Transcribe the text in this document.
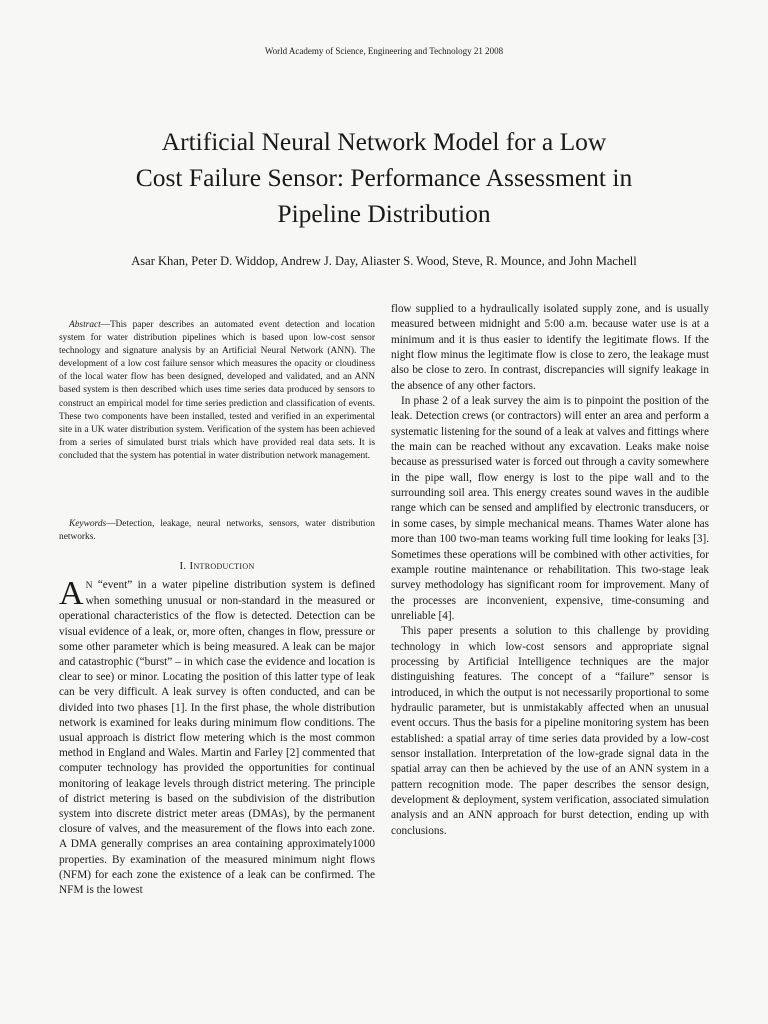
World Academy of Science, Engineering and Technology 21 2008
Artificial Neural Network Model for a Low
Cost Failure Sensor: Performance Assessment in
Pipeline Distribution
Asar Khan, Peter D. Widdop, Andrew J. Day, Aliaster S. Wood, Steve, R. Mounce, and John Machell

Abstract—This paper describes an automated event detection and location system for water distribution pipelines which is based upon low-cost sensor technology and signature analysis by an Artificial Neural Network (ANN). The development of a low cost failure sensor which measures the opacity or cloudiness of the local water flow has been designed, developed and validated, and an ANN based system is then described which uses time series data produced by sensors to construct an empirical model for time series prediction and classification of events. These two components have been installed, tested and verified in an experimental site in a UK water distribution system. Verification of the system has been achieved from a series of simulated burst trials which have provided real data sets. It is concluded that the system has potential in water distribution network management.

Keywords—Detection, leakage, neural networks, sensors, water distribution networks.

I. Introduction

AN “event” in a water pipeline distribution system is defined when something unusual or non-standard in the measured or operational characteristics of the flow is detected. Detection can be visual evidence of a leak, or, more often, changes in flow, pressure or some other parameter which is being measured. A leak can be major and catastrophic (“burst” – in which case the evidence and location is clear to see) or minor. Locating the position of this latter type of leak can be very difficult. A leak survey is often conducted, and can be divided into two phases [1]. In the first phase, the whole distribution network is examined for leaks during minimum flow conditions. The usual approach is district flow metering which is the most common method in England and Wales. Martin and Farley [2] commented that computer technology has provided the opportunities for continual monitoring of leakage levels through district metering. The principle of district metering is based on the subdivision of the distribution system into discrete district meter areas (DMAs), by the permanent closure of valves, and the measurement of the flows into each zone. A DMA generally comprises an area containing approximately1000 properties. By examination of the measured minimum night flows (NFM) for each zone the existence of a leak can be confirmed. The NFM is the lowest

flow supplied to a hydraulically isolated supply zone, and is usually measured between midnight and 5:00 a.m. because water use is at a minimum and it is thus easier to identify the legitimate flows. If the night flow minus the legitimate flow is close to zero, the leakage must also be close to zero. In contrast, discrepancies will signify leakage in the absence of any other factors.

In phase 2 of a leak survey the aim is to pinpoint the position of the leak. Detection crews (or contractors) will enter an area and perform a systematic listening for the sound of a leak at valves and fittings where the main can be reached without any excavation. Leaks make noise because as pressurised water is forced out through a cavity somewhere in the pipe wall, flow energy is lost to the pipe wall and to the surrounding soil area. This energy creates sound waves in the audible range which can be sensed and amplified by electronic transducers, or in some cases, by simple mechanical means. Thames Water alone has more than 100 two-man teams working full time looking for leaks [3]. Sometimes these operations will be combined with other activities, for example routine maintenance or rehabilitation. This two-stage leak survey methodology has significant room for improvement. Many of the processes are inconvenient, expensive, time-consuming and unreliable [4].

This paper presents a solution to this challenge by providing technology in which low-cost sensors and appropriate signal processing by Artificial Intelligence techniques are the major distinguishing features. The concept of a “failure” sensor is introduced, in which the output is not necessarily proportional to some hydraulic parameter, but is unmistakably affected when an unusual event occurs. Thus the basis for a pipeline monitoring system has been established: a spatial array of time series data provided by a low-cost sensor installation. Interpretation of the low-grade signal data in the spatial array can then be achieved by the use of an ANN system in a pattern recognition mode. The paper describes the sensor design, development & deployment, system verification, associated simulation analysis and an ANN approach for burst detection, ending up with conclusions.
